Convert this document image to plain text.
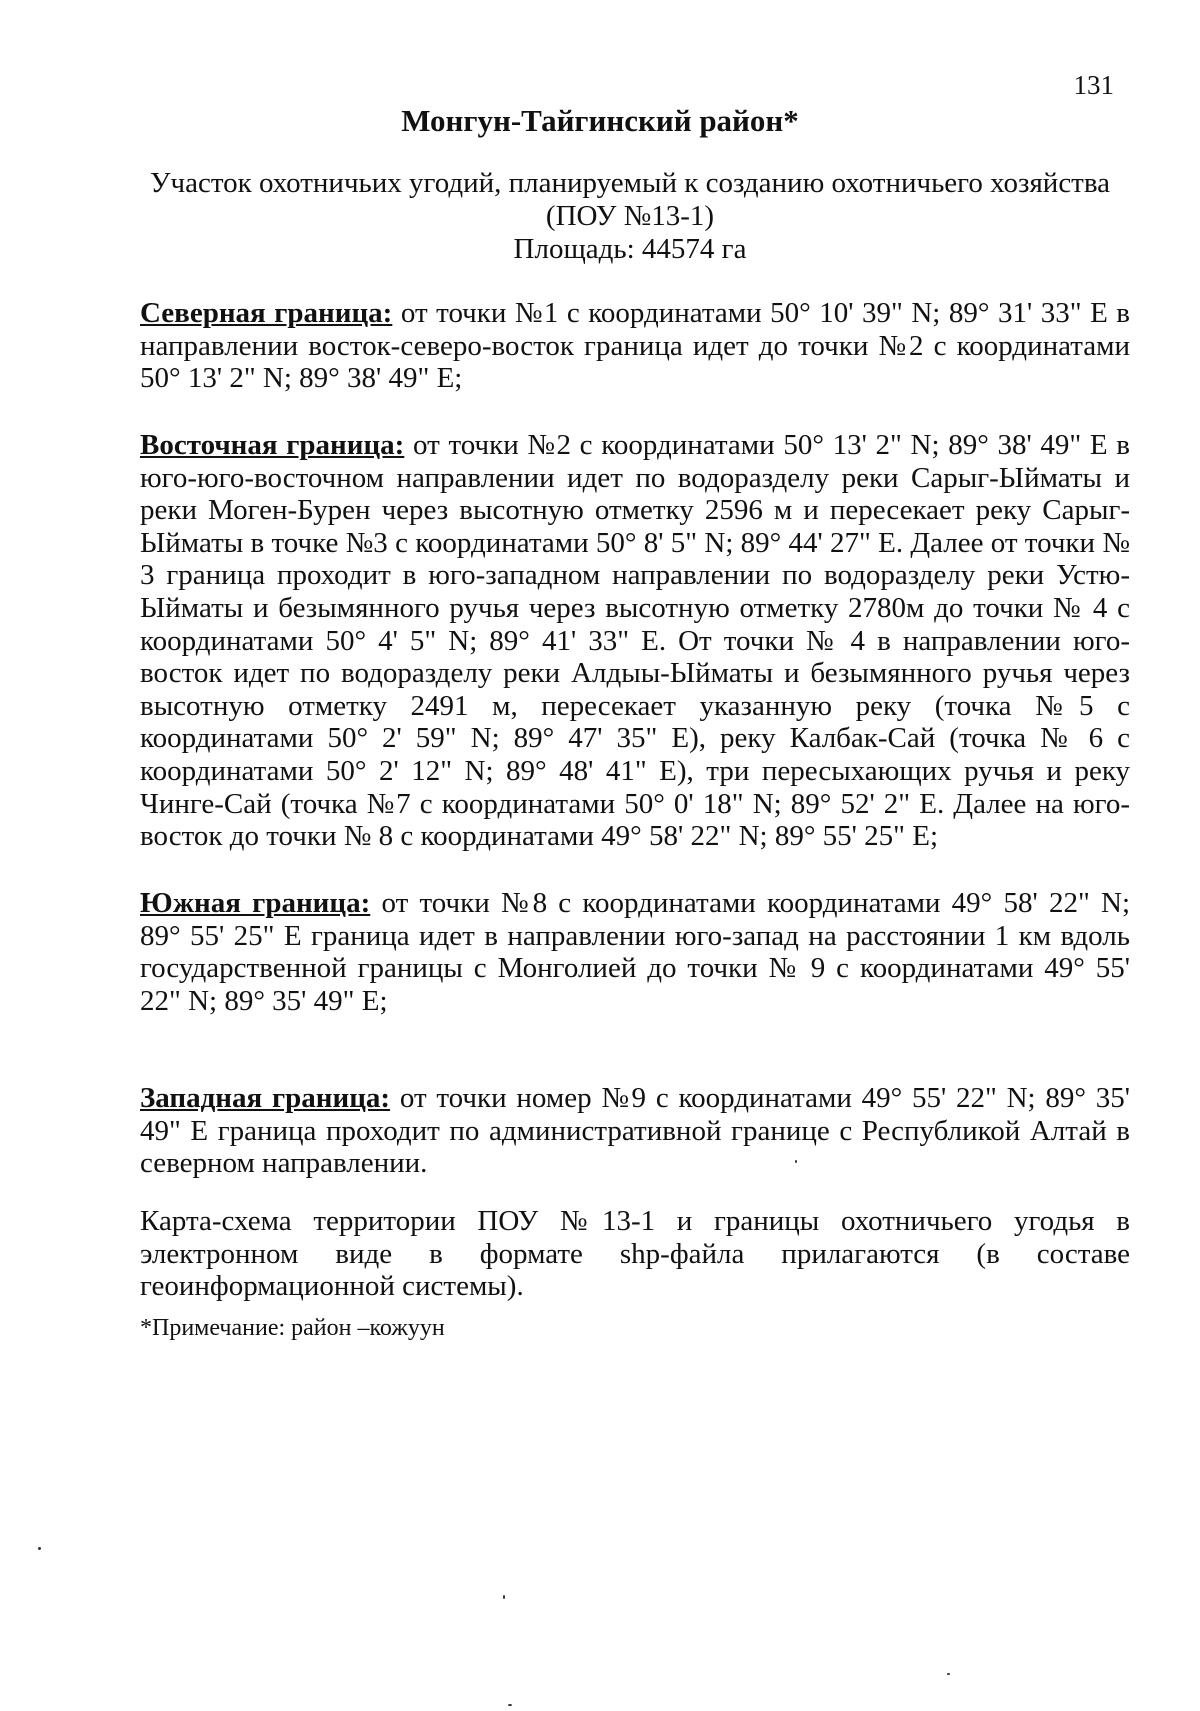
131
Монгун-Тайгинский район*
Участок охотничьих угодий, планируемый к созданию охотничьего хозяйства
(ПОУ №13-1)
Площадь: 44574 га

Северная граница: от точки №1 с координатами 50° 10' 39" N; 89° 31' 33" E в направлении восток-северо-восток граница идет до точки №2 с координатами 50° 13' 2" N; 89° 38' 49" E;

Восточная граница: от точки №2 с координатами 50° 13' 2" N; 89° 38' 49" E в юго-юго-восточном направлении идет по водоразделу реки Сарыг-Ыйматы и реки Моген-Бурен через высотную отметку 2596 м и пересекает реку Сарыг-Ыйматы в точке №3 с координатами 50° 8' 5" N; 89° 44' 27" E. Далее от точки № 3 граница проходит в юго-западном направлении по водоразделу реки Устю-Ыйматы и безымянного ручья через высотную отметку 2780м до точки № 4 с координатами 50° 4' 5" N; 89° 41' 33" E. От точки № 4 в направлении юго-восток идет по водоразделу реки Алдыы-Ыйматы и безымянного ручья через высотную отметку 2491 м, пересекает указанную реку (точка №5 с координатами 50° 2' 59" N; 89° 47' 35" E), реку Калбак-Сай (точка № 6 с координатами 50° 2' 12" N; 89° 48' 41" E), три пересыхающих ручья и реку Чинге-Сай (точка №7 с координатами 50° 0' 18" N; 89° 52' 2" E. Далее на юго-восток до точки № 8 с координатами 49° 58' 22" N; 89° 55' 25" E;

Южная граница: от точки №8 с координатами координатами 49° 58' 22" N; 89° 55' 25" E граница идет в направлении юго-запад на расстоянии 1 км вдоль государственной границы с Монголией до точки № 9 с координатами 49° 55' 22" N; 89° 35' 49" E;

Западная граница: от точки номер №9 с координатами 49° 55' 22" N; 89° 35' 49" E граница проходит по административной границе с Республикой Алтай в северном направлении.

Карта-схема территории ПОУ №13-1 и границы охотничьего угодья в электронном виде в формате shp-файла прилагаются (в составе геоинформационной системы).

*Примечание: район –кожуун
